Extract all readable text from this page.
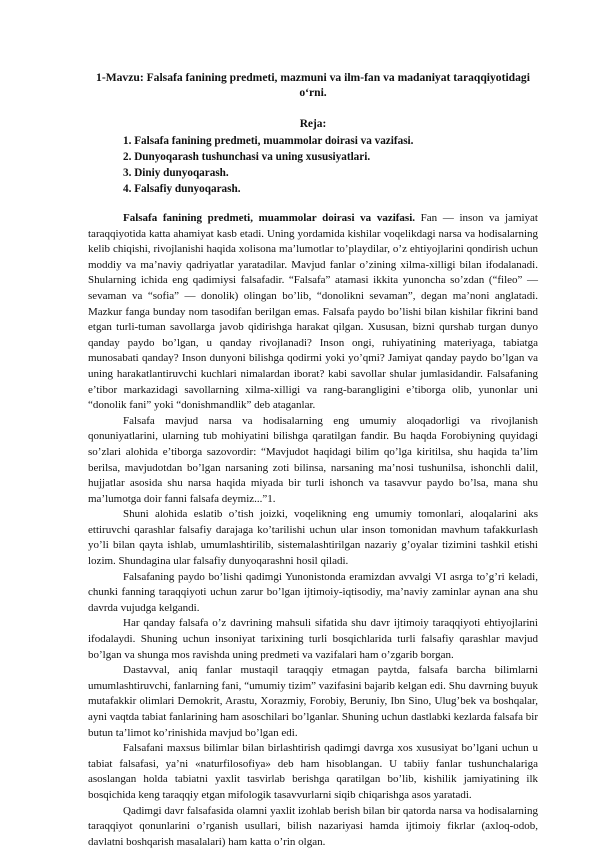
1-Mavzu: Falsafa fanining predmeti, mazmuni va ilm-fan va madaniyat taraqqiyotidagi o‘rni.

Reja:

1. Falsafa fanining predmeti, muammolar doirasi va vazifasi.
2. Dunyoqarash tushunchasi va uning xususiyatlari.
3. Diniy dunyoqarash.
4. Falsafiy dunyoqarash.

Falsafa fanining predmeti, muammolar doirasi va vazifasi. Fan — inson va jamiyat taraqqiyotida katta ahamiyat kasb etadi. Uning yordamida kishilar voqelikdagi narsa va hodisalarning kelib chiqishi, rivojlanishi haqida xolisona ma’lumotlar to’playdilar, o’z ehtiyojlarini qondirish uchun moddiy va ma’naviy qadriyatlar yaratadilar. Mavjud fanlar o’zining xilma-xilligi bilan ifodalanadi. Shularning ichida eng qadimiysi falsafadir. “Falsafa” atamasi ikkita yunoncha so’zdan (“fileo” — sevaman va “sofia” — donolik) olingan bo’lib, “donolikni sevaman”, degan ma’noni anglatadi. Mazkur fanga bunday nom tasodifan berilgan emas. Falsafa paydo bo’lishi bilan kishilar fikrini band etgan turli-tuman savollarga javob qidirishga harakat qilgan. Xususan, bizni qurshab turgan dunyo qanday paydo bo’lgan, u qanday rivojlanadi? Inson ongi, ruhiyatining materiyaga, tabiatga munosabati qanday? Inson dunyoni bilishga qodirmi yoki yo’qmi? Jamiyat qanday paydo bo’lgan va uning harakatlantiruvchi kuchlari nimalardan iborat? kabi savollar shular jumlasidandir. Falsafaning e’tibor markazidagi savollarning xilma-xilligi va rang-barangligini e’tiborga olib, yunonlar uni “donolik fani” yoki “donishmandlik” deb ataganlar.

Falsafa mavjud narsa va hodisalarning eng umumiy aloqadorligi va rivojlanish qonuniyatlarini, ularning tub mohiyatini bilishga qaratilgan fandir. Bu haqda Forobiyning quyidagi so’zlari alohida e’tiborga sazovordir: “Mavjudot haqidagi bilim qo’lga kiritilsa, shu haqida ta’lim berilsa, mavjudotdan bo’lgan narsaning zoti bilinsa, narsaning ma’nosi tushunilsa, ishonchli dalil, hujjatlar asosida shu narsa haqida miyada bir turli ishonch va tasavvur paydo bo’lsa, mana shu ma’lumotga doir fanni falsafa deymiz...”1.

Shuni alohida eslatib o’tish joizki, voqelikning eng umumiy tomonlari, aloqalarini aks ettiruvchi qarashlar falsafiy darajaga ko’tarilishi uchun ular inson tomonidan mavhum tafakkurlash yo’li bilan qayta ishlab, umumlashtirilib, sistemalashtirilgan nazariy g’oyalar tizimini tashkil etishi lozim. Shundagina ular falsafiy dunyoqarashni hosil qiladi.

Falsafaning paydo bo’lishi qadimgi Yunonistonda eramizdan avvalgi VI asrga to’g’ri keladi, chunki fanning taraqqiyoti uchun zarur bo’lgan ijtimoiy-iqtisodiy, ma’naviy zaminlar aynan ana shu davrda vujudga kelgandi.

Har qanday falsafa o’z davrining mahsuli sifatida shu davr ijtimoiy taraqqiyoti ehtiyojlarini ifodalaydi. Shuning uchun insoniyat tarixining turli bosqichlarida turli falsafiy qarashlar mavjud bo’lgan va shunga mos ravishda uning predmeti va vazifalari ham o’zgarib borgan.

Dastavval, aniq fanlar mustaqil taraqqiy etmagan paytda, falsafa barcha bilimlarni umumlashtiruvchi, fanlarning fani, “umumiy tizim” vazifasini bajarib kelgan edi. Shu davrning buyuk mutafakkir olimlari Demokrit, Arastu, Xorazmiy, Forobiy, Beruniy, Ibn Sino, Ulug’bek va boshqalar, ayni vaqtda tabiat fanlarining ham asoschilari bo’lganlar. Shuning uchun dastlabki kezlarda falsafa bir butun ta’limot ko’rinishida mavjud bo’lgan edi.

Falsafani maxsus bilimlar bilan birlashtirish qadimgi davrga xos xususiyat bo’lgani uchun u tabiat falsafasi, ya’ni «naturfilosofiya» deb ham hisoblangan. U tabiiy fanlar tushunchalariga asoslangan holda tabiatni yaxlit tasvirlab berishga qaratilgan bo’lib, kishilik jamiyatining ilk bosqichida keng taraqqiy etgan mifologik tasavvurlarni siqib chiqarishga asos yaratadi.

Qadimgi davr falsafasida olamni yaxlit izohlab berish bilan bir qatorda narsa va hodisalarning taraqqiyot qonunlarini o’rganish usullari, bilish nazariyasi hamda ijtimoiy fikrlar (axloq-odob, davlatni boshqarish masalalari) ham katta o’rin olgan.
